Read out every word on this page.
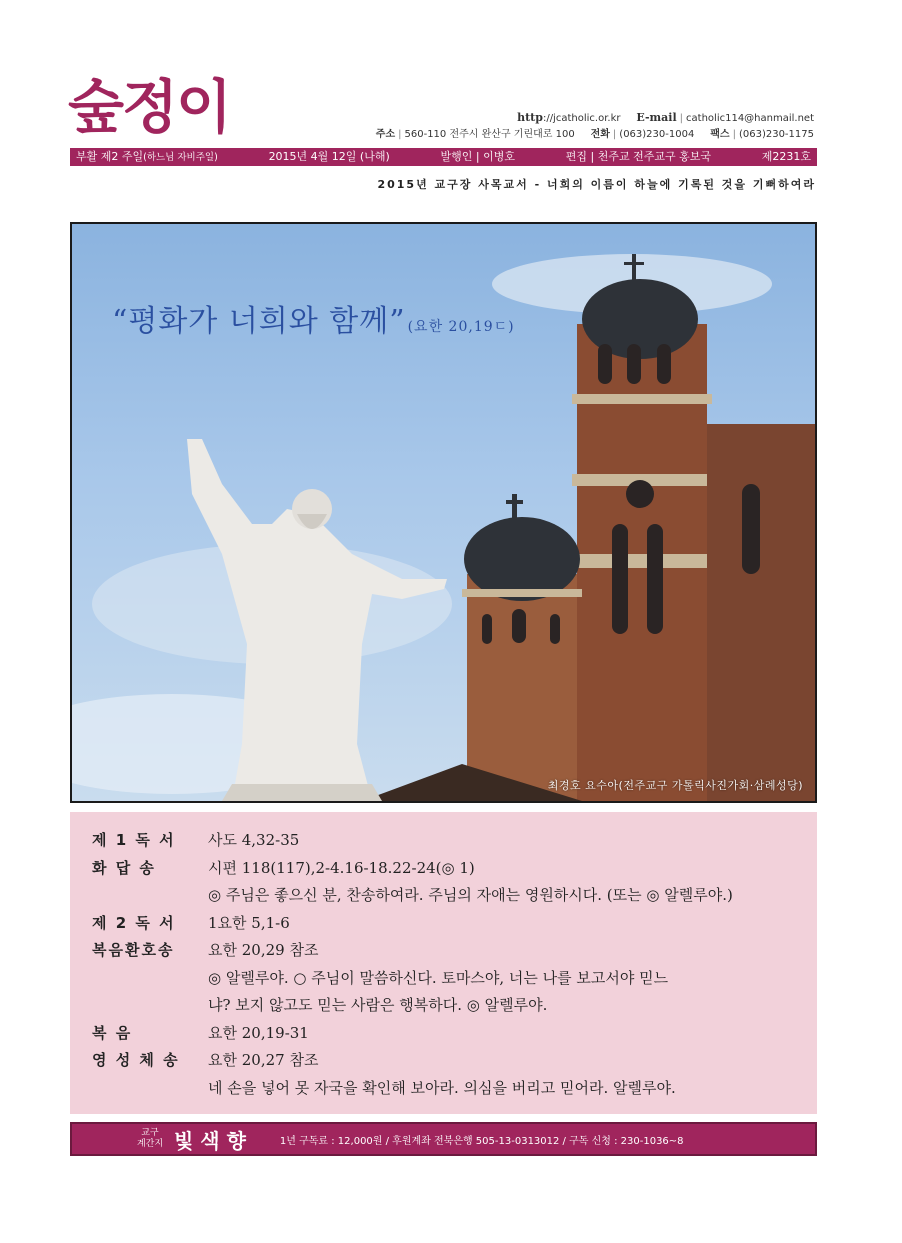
숲정이	http://jcatholic.or.kr E-mail | catholic114@hanmail.net
주소 | 560-110 전주시 완산구 기린대로 100 전화 | (063)230-1004 팩스 | (063)230-1175
부활 제2 주일(하느님 자비주일)	2015년 4월 12일 (나해)	발행인 | 이병호	편집 | 천주교 전주교구 홍보국	제2231호
2015년 교구장 사목교서 - 너희의 이름이 하늘에 기록된 것을 기뻐하여라
“평화가 너희와 함께” (요한 20,19ㄷ)
최경호 요수아(전주교구 가톨릭사진가회·삼례성당)
제 1 독 서	사도 4,32-35
화 답 송	시편 118(117),2-4.16-18.22-24(◎ 1)
◎ 주님은 좋으신 분, 찬송하여라. 주님의 자애는 영원하시다. (또는 ◎ 알렐루야.)
제 2 독 서	1요한 5,1-6
복음환호송	요한 20,29 참조
◎ 알렐루야. ○ 주님이 말씀하신다. 토마스야, 너는 나를 보고서야 믿느
냐? 보지 않고도 믿는 사람은 행복하다. ◎ 알렐루야.
복 음	요한 20,19-31
영 성 체 송	요한 20,27 참조
네 손을 넣어 못 자국을 확인해 보아라. 의심을 버리고 믿어라. 알렐루야.
교구
계간지 빛 색 향	1년 구독료 : 12,000원 / 후원계좌 전북은행 505-13-0313012 / 구독 신청 : 230-1036~8
